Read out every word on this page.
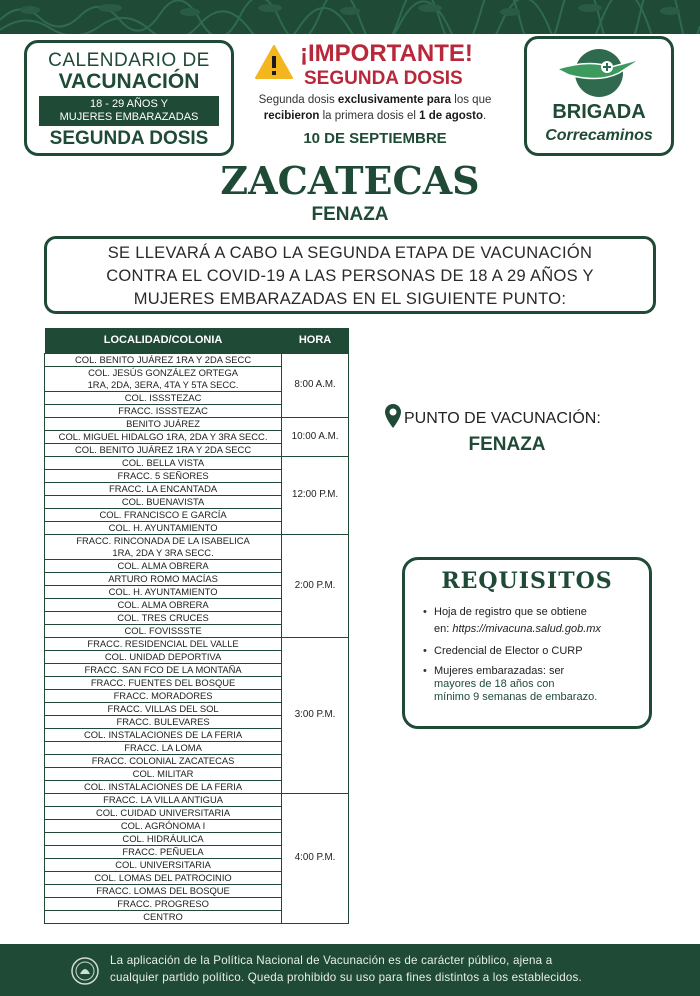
CALENDARIO DE
VACUNACIÓN
18 - 29 AÑOS Y
MUJERES EMBARAZADAS
SEGUNDA DOSIS
¡IMPORTANTE!
SEGUNDA DOSIS
Segunda dosis exclusivamente para los que
recibieron la primera dosis el 1 de agosto.
10 DE SEPTIEMBRE
BRIGADA
Correcaminos
ZACATECAS
FENAZA
SE LLEVARÁ A CABO LA SEGUNDA ETAPA DE VACUNACIÓN
CONTRA EL COVID-19 A LAS PERSONAS DE 18 A 29 AÑOS Y
MUJERES EMBARAZADAS EN EL SIGUIENTE PUNTO:
LOCALIDAD/COLONIA	HORA
COL. BENITO JUÁREZ 1RA Y 2DA SECC	8:00 A.M.
COL. JESÚS GONZÁLEZ ORTEGA
1RA, 2DA, 3ERA, 4TA Y 5TA SECC.	
COL. ISSSTEZAC	
FRACC. ISSSTEZAC	
BENITO JUÁREZ	10:00 A.M.
COL. MIGUEL HIDALGO 1RA, 2DA Y 3RA SECC.	
COL. BENITO JUÁREZ 1RA Y 2DA SECC	
COL. BELLA VISTA	12:00 P.M.
FRACC. 5 SEÑORES	
FRACC. LA ENCANTADA	
COL. BUENAVISTA	
COL. FRANCISCO E GARCÍA	
COL. H. AYUNTAMIENTO	
FRACC. RINCONADA DE LA ISABELICA
1RA, 2DA Y 3RA SECC.	2:00 P.M.
COL. ALMA OBRERA	
ARTURO ROMO MACÍAS	
COL. H. AYUNTAMIENTO	
COL. ALMA OBRERA	
COL. TRES CRUCES	
COL. FOVISSSTE	
FRACC. RESIDENCIAL DEL VALLE	3:00 P.M.
COL. UNIDAD DEPORTIVA	
FRACC. SAN FCO DE LA MONTAÑA	
FRACC. FUENTES DEL BOSQUE	
FRACC. MORADORES	
FRACC. VILLAS DEL SOL	
FRACC. BULEVARES	
COL. INSTALACIONES DE LA FERIA	
FRACC. LA LOMA	
FRACC. COLONIAL ZACATECAS	
COL. MILITAR	
COL. INSTALACIONES DE LA FERIA	
FRACC. LA VILLA ANTIGUA	4:00 P.M.
COL. CUIDAD UNIVERSITARIA	
COL. AGRÓNOMA I	
COL. HIDRÁULICA	
FRACC. PEÑUELA	
COL. UNIVERSITARIA	
COL. LOMAS DEL PATROCINIO	
FRACC. LOMAS DEL BOSQUE	
FRACC. PROGRESO	
CENTRO	
PUNTO DE VACUNACIÓN:
FENAZA
REQUISITOS
• Hoja de registro que se obtiene
en: https://mivacuna.salud.gob.mx
• Credencial de Elector o CURP
• Mujeres embarazadas: ser
mayores de 18 años con
mínimo 9 semanas de embarazo.
La aplicación de la Política Nacional de Vacunación es de carácter público, ajena a
cualquier partido político. Queda prohibido su uso para fines distintos a los establecidos.
